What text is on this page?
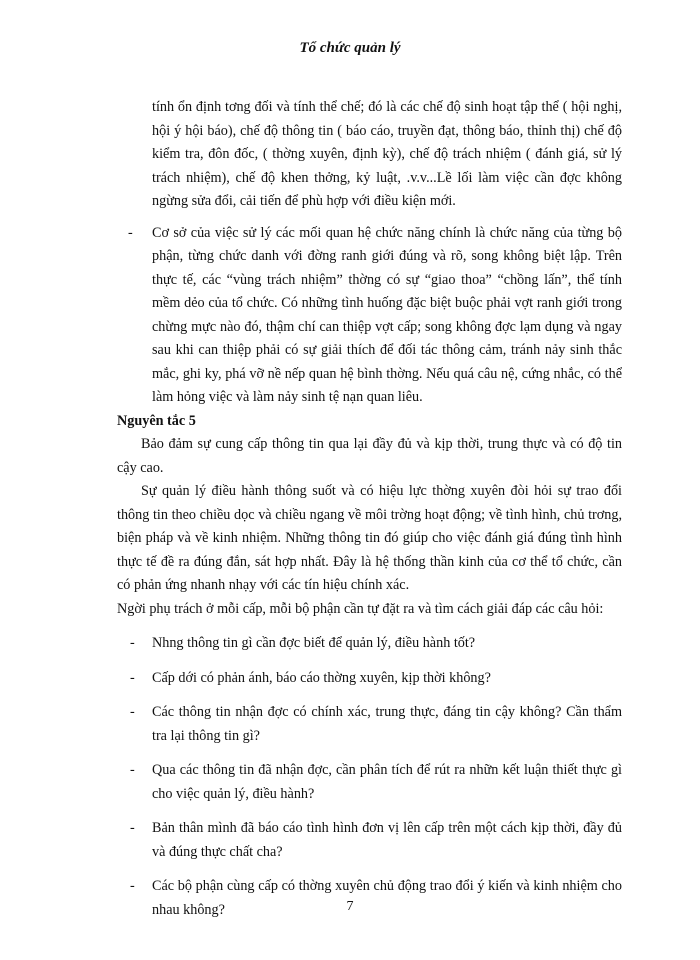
Tổ chức quản lý

tính ổn định tơng đối và tính thể chế; đó là các chế độ sinh hoạt tập thể ( hội nghị, hội ý hội báo), chế độ thông tin ( báo cáo, truyền đạt, thông báo, thỉnh thị) chế độ kiểm tra, đôn đốc, ( thờng xuyên, định kỳ), chế độ trách nhiệm ( đánh giá, sử lý trách nhiệm), chế độ khen thởng, kỷ luật, .v.v...Lề lối làm việc cần đợc không ngừng sửa đổi, cải tiến để phù hợp với điều kiện mới.

- Cơ sở của việc sử lý các mối quan hệ chức năng chính là chức năng của từng bộ phận, từng chức danh với đờng ranh giới đúng và rõ, song không biệt lập. Trên thực tế, các “vùng trách nhiệm” thờng có sự “giao thoa” “chồng lấn”, thể tính mềm dẻo của tổ chức. Có những tình huống đặc biệt buộc phải vợt ranh giới trong chừng mực nào đó, thậm chí can thiệp vợt cấp; song không đợc lạm dụng và ngay sau khi can thiệp phải có sự giải thích để đối tác thông cảm, tránh nảy sinh thắc mắc, ghi ky, phá vỡ nề nếp quan hệ bình thờng. Nếu quá câu nệ, cứng nhắc, có thể làm hỏng việc và làm nảy sinh tệ nạn quan liêu.

Nguyên tắc 5

Bảo đảm sự cung cấp thông tin qua lại đầy đủ và kịp thời, trung thực và có độ tin cậy cao.

Sự quản lý điều hành thông suốt và có hiệu lực thờng xuyên đòi hỏi sự trao đổi thông tin theo chiều dọc và chiều ngang về môi trờng hoạt động; về tình hình, chủ trơng, biện pháp và về kinh nhiệm. Những thông tin đó giúp cho việc đánh giá đúng tình hình thực tế đề ra đúng đắn, sát hợp nhất. Đây là hệ thống thần kinh của cơ thể tổ chức, cần có phản ứng nhanh nhạy với các tín hiệu chính xác.

Ngời phụ trách ở mỗi cấp, mỗi bộ phận cần tự đặt ra và tìm cách giải đáp các câu hỏi:

- Nhng thông tin gì cần đợc biết để quản lý, điều hành tốt?
- Cấp dới có phản ánh, báo cáo thờng xuyên, kịp thời không?
- Các thông tin nhận đợc có chính xác, trung thực, đáng tin cậy không? Cần thẩm tra lại thông tin gì?
- Qua các thông tin đã nhận đợc, cần phân tích để rút ra nhữn kết luận thiết thực gì cho việc quản lý, điều hành?
- Bản thân mình đã báo cáo tình hình đơn vị lên cấp trên một cách kịp thời, đầy đủ và đúng thực chất cha?
- Các bộ phận cùng cấp có thờng xuyên chủ động trao đổi ý kiến và kinh nhiệm cho nhau không?	7
